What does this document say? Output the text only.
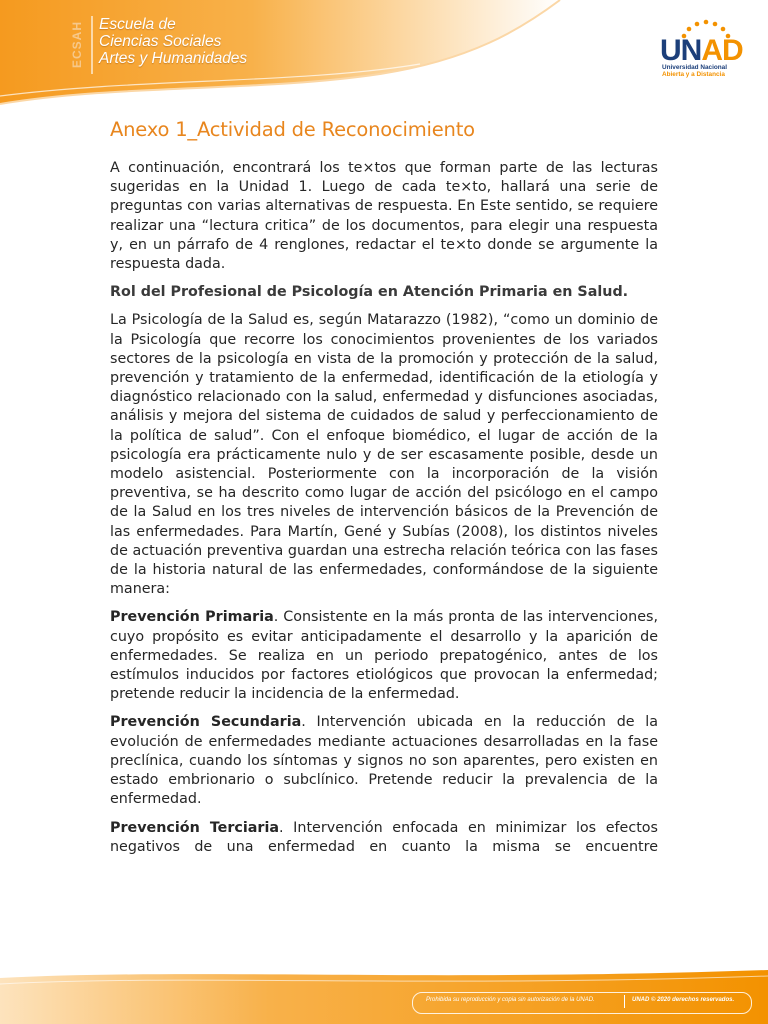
ECSAH Escuela de
Ciencias Sociales
Artes y Humanidades	UNAD
Universidad Nacional
Abierta y a Distancia
Anexo 1_Actividad de Reconocimiento

A continuación, encontrará los te×tos que forman parte de las lecturas sugeridas en la Unidad 1. Luego de cada te×to, hallará una serie de preguntas con varias alternativas de respuesta. En Este sentido, se requiere realizar una “lectura critica” de los documentos, para elegir una respuesta y, en un párrafo de 4 renglones, redactar el te×to donde se argumente la respuesta dada.

Rol del Profesional de Psicología en Atención Primaria en Salud.

La Psicología de la Salud es, según Matarazzo (1982), “como un dominio de la Psicología que recorre los conocimientos provenientes de los variados sectores de la psicología en vista de la promoción y protección de la salud, prevención y tratamiento de la enfermedad, identificación de la etiología y diagnóstico relacionado con la salud, enfermedad y disfunciones asociadas, análisis y mejora del sistema de cuidados de salud y perfeccionamiento de la política de salud”. Con el enfoque biomédico, el lugar de acción de la psicología era prácticamente nulo y de ser escasamente posible, desde un modelo asistencial. Posteriormente con la incorporación de la visión preventiva, se ha descrito como lugar de acción del psicólogo en el campo de la Salud en los tres niveles de intervención básicos de la Prevención de las enfermedades. Para Martín, Gené y Subías (2008), los distintos niveles de actuación preventiva guardan una estrecha relación teórica con las fases de la historia natural de las enfermedades, conformándose de la siguiente manera:

Prevención Primaria. Consistente en la más pronta de las intervenciones, cuyo propósito es evitar anticipadamente el desarrollo y la aparición de enfermedades. Se realiza en un periodo prepatogénico, antes de los estímulos inducidos por factores etiológicos que provocan la enfermedad; pretende reducir la incidencia de la enfermedad.

Prevención Secundaria. Intervención ubicada en la reducción de la evolución de enfermedades mediante actuaciones desarrolladas en la fase preclínica, cuando los síntomas y signos no son aparentes, pero existen en estado embrionario o subclínico. Pretende reducir la prevalencia de la enfermedad.

Prevención Terciaria. Intervención enfocada en minimizar los efectos negativos de una enfermedad en cuanto la misma se encuentre

Prohibida su reproducción y copia sin autorización de la UNAD.	UNAD © 2020 derechos reservados.
